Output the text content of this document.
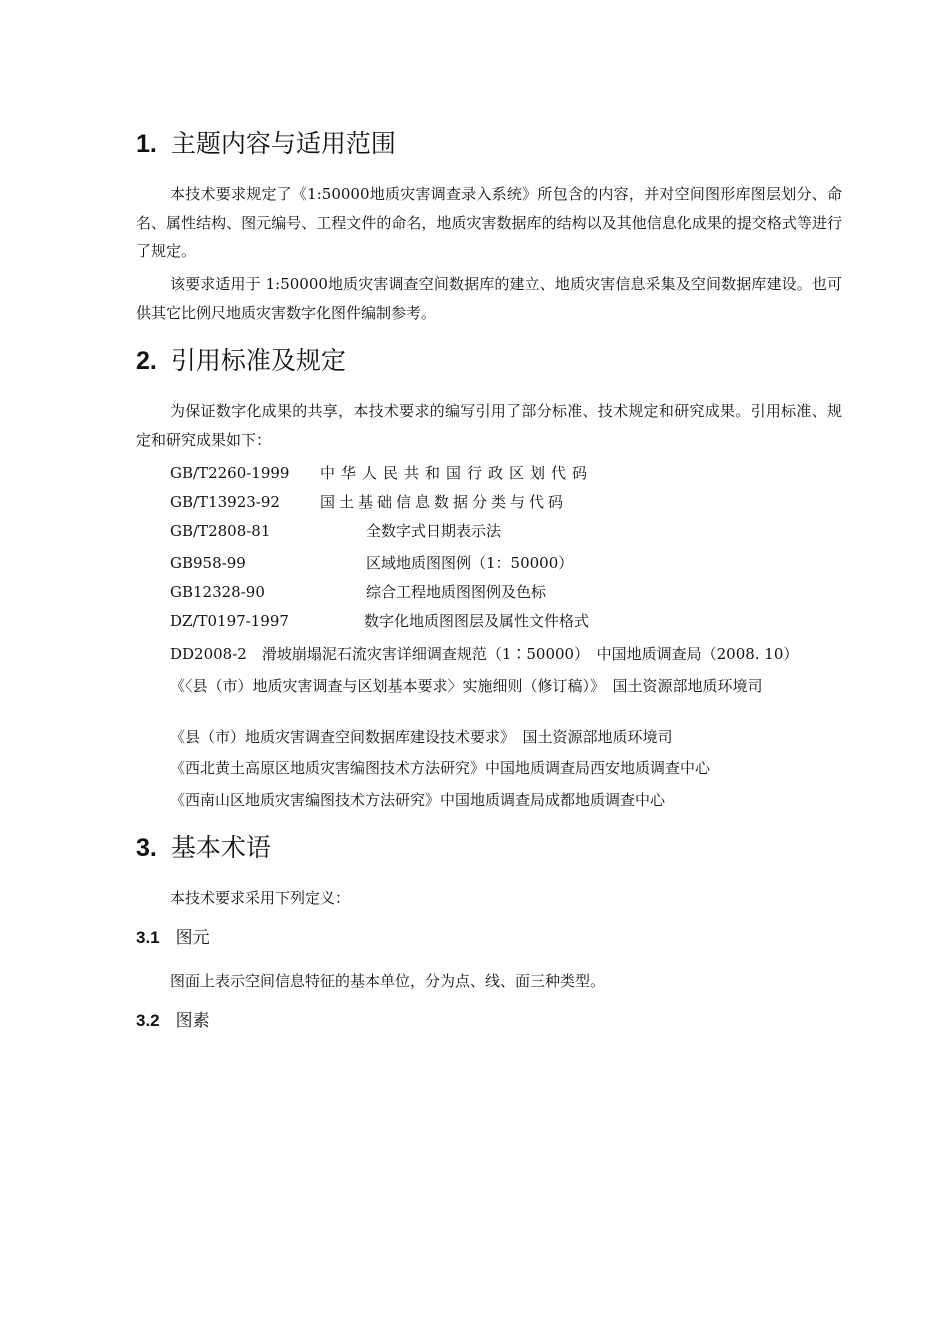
1. 主题内容与适用范围

本技术要求规定了《1:50000地质灾害调查录入系统》所包含的内容，并对空间图形库图层划分、命名、属性结构、图元编号、工程文件的命名，地质灾害数据库的结构以及其他信息化成果的提交格式等进行了规定。

该要求适用于 1:50000地质灾害调查空间数据库的建立、地质灾害信息采集及空间数据库建设。也可供其它比例尺地质灾害数字化图件编制参考。

2. 引用标准及规定

为保证数字化成果的共享，本技术要求的编写引用了部分标准、技术规定和研究成果。引用标准、规定和研究成果如下：

GB/T2260-1999 中华人民共和国行政区划代码
GB/T13923-92	国土基础信息数据分类与代码
GB/T2808-81	全数字式日期表示法
GB958-99	区域地质图图例（1：50000）
GB12328-90	综合工程地质图图例及色标
DZ/T0197-1997	数字化地质图图层及属性文件格式
DD2008-2　滑坡崩塌泥石流灾害详细调查规范（1∶50000）　中国地质调查局（2008. 10）

《〈县（市）地质灾害调查与区划基本要求〉实施细则（修订稿）》　国土资源部地质环境司

《县（市）地质灾害调查空间数据库建设技术要求》　国土资源部地质环境司
《西北黄土高原区地质灾害编图技术方法研究》中国地质调查局西安地质调查中心
《西南山区地质灾害编图技术方法研究》中国地质调查局成都地质调查中心
3. 基本术语

本技术要求采用下列定义：

3.1 图元

图面上表示空间信息特征的基本单位，分为点、线、面三种类型。

3.2 图素
